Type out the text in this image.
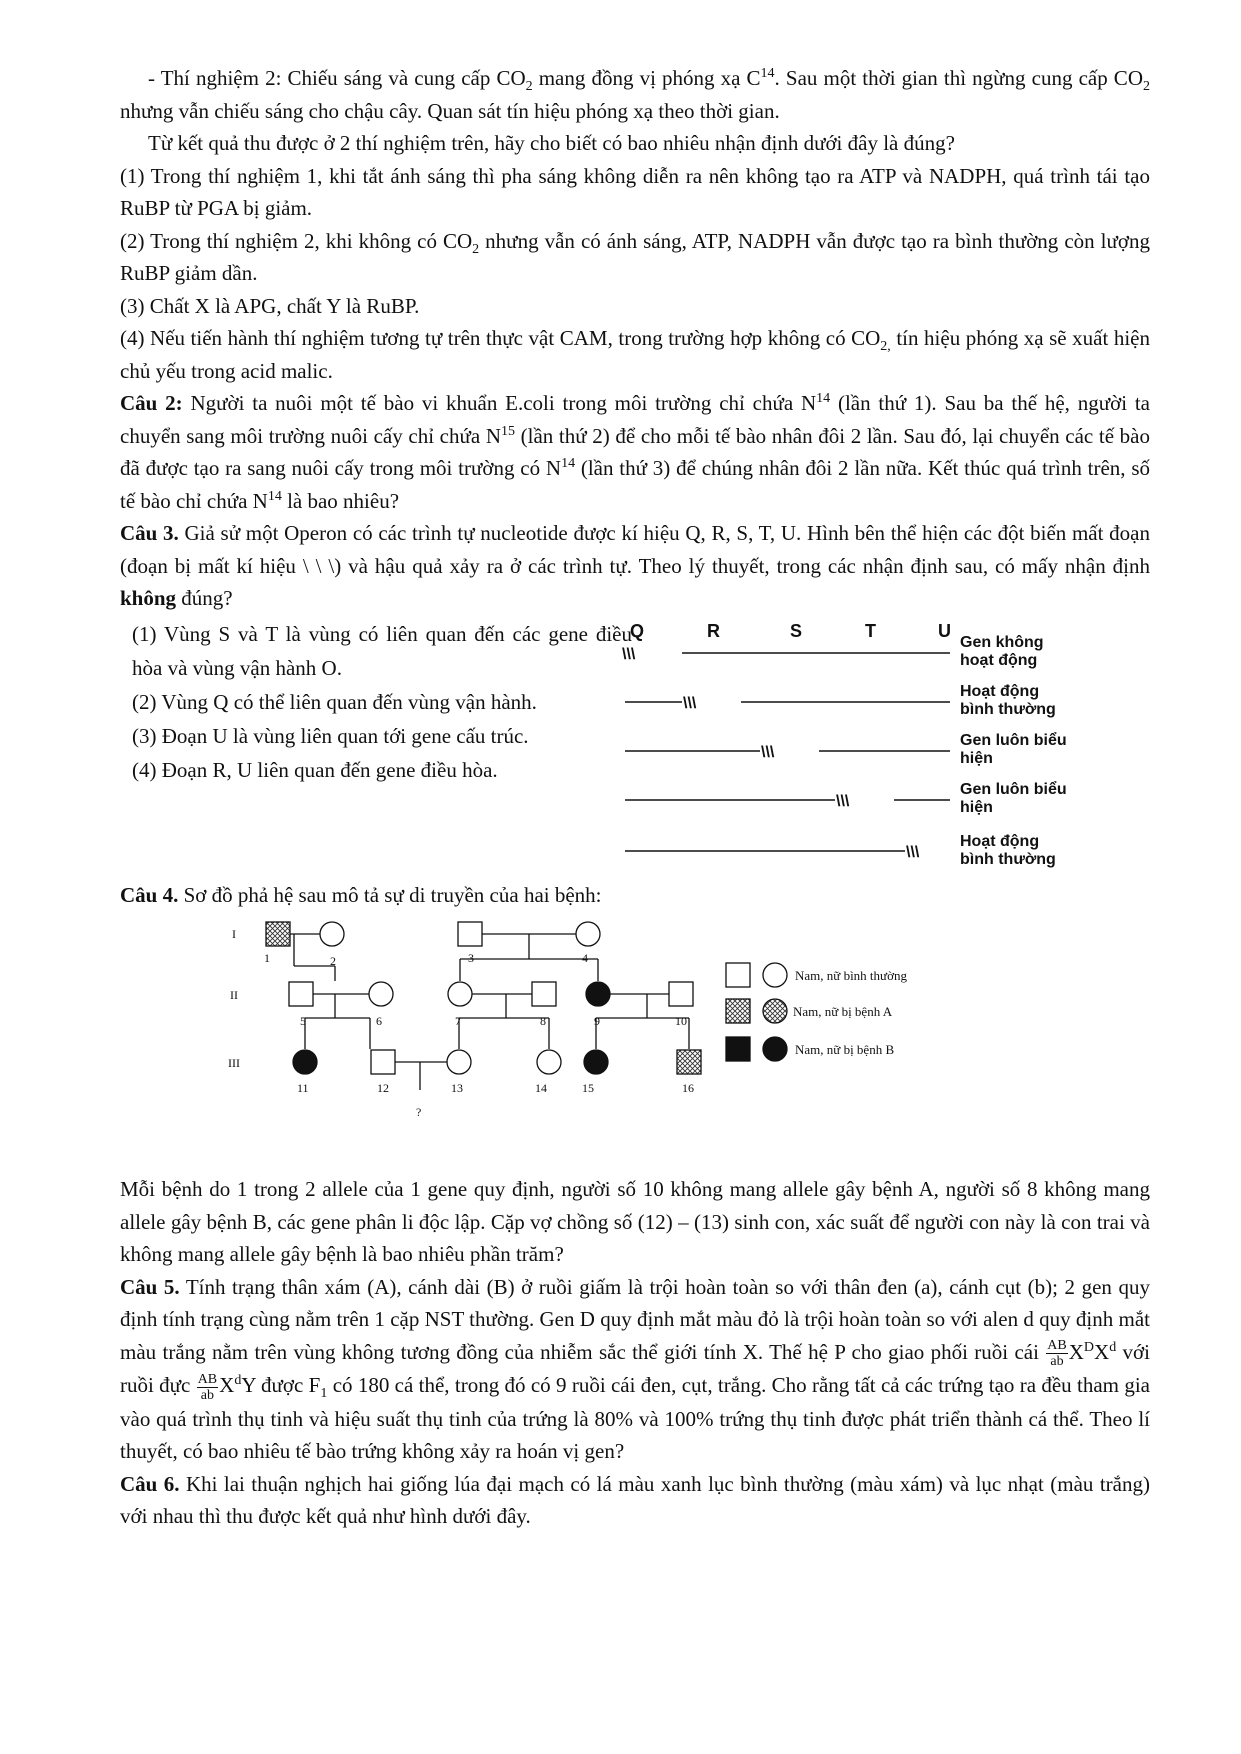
- Thí nghiệm 2: Chiếu sáng và cung cấp $CO_2$ mang đồng vị phóng xạ $C^{14}$. Sau một thời gian thì ngừng cung cấp $CO_2$ nhưng vẫn chiếu sáng cho chậu cây. Quan sát tín hiệu phóng xạ theo thời gian.

Từ kết quả thu được ở 2 thí nghiệm trên, hãy cho biết có bao nhiêu nhận định dưới đây là đúng?

(1) Trong thí nghiệm 1, khi tắt ánh sáng thì pha sáng không diễn ra nên không tạo ra ATP và NADPH, quá trình tái tạo RuBP từ PGA bị giảm.

(2) Trong thí nghiệm 2, khi không có $CO_2$ nhưng vẫn có ánh sáng, ATP, NADPH vẫn được tạo ra bình thường còn lượng RuBP giảm dần.

(3) Chất X là APG, chất Y là RuBP.

(4) Nếu tiến hành thí nghiệm tương tự trên thực vật CAM, trong trường hợp không có $CO_{2,}$ tín hiệu phóng xạ sẽ xuất hiện chủ yếu trong acid malic.

Câu 2: Người ta nuôi một tế bào vi khuẩn E.coli trong môi trường chỉ chứa $N^{14}$ (lần thứ 1). Sau ba thế hệ, người ta chuyển sang môi trường nuôi cấy chỉ chứa $N^{15}$ (lần thứ 2) để cho mỗi tế bào nhân đôi 2 lần. Sau đó, lại chuyển các tế bào đã được tạo ra sang nuôi cấy trong môi trường có $N^{14}$ (lần thứ 3) để chúng nhân đôi 2 lần nữa. Kết thúc quá trình trên, số tế bào chỉ chứa $N^{14}$ là bao nhiêu?

Câu 3. Giả sử một Operon có các trình tự nucleotide được kí hiệu Q, R, S, T, U. Hình bên thể hiện các đột biến mất đoạn (đoạn bị mất kí hiệu \ \ \) và hậu quả xảy ra ở các trình tự. Theo lý thuyết, trong các nhận định sau, có mấy nhận định không đúng?

(1) Vùng S và T là vùng có liên quan đến các gene điều hòa và vùng vận hành O.

(2) Vùng Q có thể liên quan đến vùng vận hành.

(3) Đoạn U là vùng liên quan tới gene cấu trúc.

(4) Đoạn R, U liên quan đến gene điều hòa.

Q	R	S	T	U
\\\
Gen không
hoạt động
\\\
Hoạt động
bình thường
\\\
Gen luôn biểu
hiện
\\\
Gen luôn biểu
hiện
\\\
Hoạt động
bình thường

Câu 4. Sơ đồ phả hệ sau mô tả sự di truyền của hai bệnh:

I
II
III
1	2	3	4
5	6	7	8	9	10
11	12	13	14	15	16
?
Nam, nữ bình thường
Nam, nữ bị bệnh A
Nam, nữ bị bệnh B

Mỗi bệnh do 1 trong 2 allele của 1 gene quy định, người số 10 không mang allele gây bệnh A, người số 8 không mang allele gây bệnh B, các gene phân li độc lập. Cặp vợ chồng số (12) – (13) sinh con, xác suất để người con này là con trai và không mang allele gây bệnh là bao nhiêu phần trăm?

Câu 5. Tính trạng thân xám (A), cánh dài (B) ở ruồi giấm là trội hoàn toàn so với thân đen (a), cánh cụt (b); 2 gen quy định tính trạng cùng nằm trên 1 cặp NST thường. Gen D quy định mắt màu đỏ là trội hoàn toàn so với alen d quy định mắt màu trắng nằm trên vùng không tương đồng của nhiễm sắc thể giới tính X. Thế hệ P cho giao phối ruồi cái $\frac{AB}{ab} X^DX^d$ với ruồi đực $\frac{AB}{ab} X^dY$ được $F_1$ có 180 cá thể, trong đó có 9 ruồi cái đen, cụt, trắng. Cho rằng tất cả các trứng tạo ra đều tham gia vào quá trình thụ tinh và hiệu suất thụ tinh của trứng là 80% và 100% trứng thụ tinh được phát triển thành cá thể. Theo lí thuyết, có bao nhiêu tế bào trứng không xảy ra hoán vị gen?

Câu 6. Khi lai thuận nghịch hai giống lúa đại mạch có lá màu xanh lục bình thường (màu xám) và lục nhạt (màu trắng) với nhau thì thu được kết quả như hình dưới đây.
